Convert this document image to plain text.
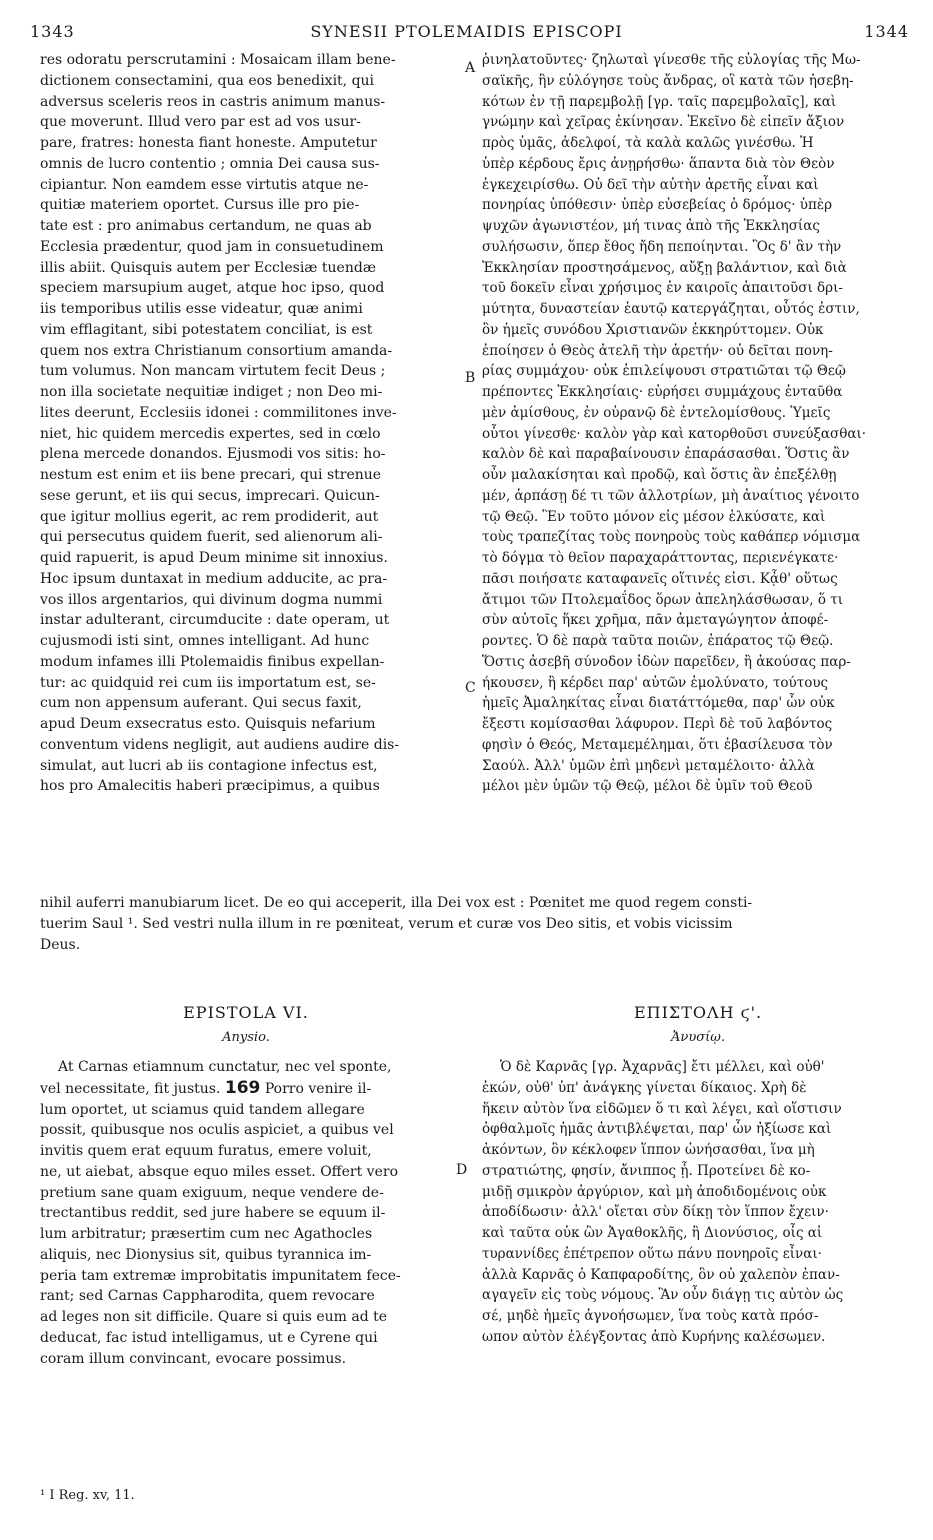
1343	SYNESII PTOLEMAIDIS EPISCOPI	1344
res odoratu perscrutamini : Mosaicam illam bene-
dictionem consectamini, qua eos benedixit, qui
adversus sceleris reos in castris animum manus-
que moverunt. Illud vero par est ad vos usur-
pare, fratres: honesta fiant honeste. Amputetur
omnis de lucro contentio ; omnia Dei causa sus-
cipiantur. Non eamdem esse virtutis atque ne-
quitiæ materiem oportet. Cursus ille pro pie-
tate est : pro animabus certandum, ne quas ab
Ecclesia prædentur, quod jam in consuetudinem
illis abiit. Quisquis autem per Ecclesiæ tuendæ
speciem marsupium auget, atque hoc ipso, quod
iis temporibus utilis esse videatur, quæ animi
vim efflagitant, sibi potestatem conciliat, is est
quem nos extra Christianum consortium amanda-
tum volumus. Non mancam virtutem fecit Deus ;
non illa societate nequitiæ indiget ; non Deo mi-
lites deerunt, Ecclesiis idonei : commilitones inve-
niet, hic quidem mercedis expertes, sed in cœlo
plena mercede donandos. Ejusmodi vos sitis: ho-
nestum est enim et iis bene precari, qui strenue
sese gerunt, et iis qui secus, imprecari. Quicun-
que igitur mollius egerit, ac rem prodiderit, aut
qui persecutus quidem fuerit, sed alienorum ali-
quid rapuerit, is apud Deum minime sit innoxius.
Hoc ipsum duntaxat in medium adducite, ac pra-
vos illos argentarios, qui divinum dogma nummi
instar adulterant, circumducite : date operam, ut
cujusmodi isti sint, omnes intelligant. Ad hunc
modum infames illi Ptolemaidis finibus expellan-
tur: ac quidquid rei cum iis importatum est, se-
cum non appensum auferant. Qui secus faxit,
apud Deum exsecratus esto. Quisquis nefarium
conventum videns negligit, aut audiens audire dis-
simulat, aut lucri ab iis contagione infectus est,
hos pro Amalecitis haberi præcipimus, a quibus
ῥινηλατοῦντες· ζηλωταὶ γίνεσθε τῆς εὐλογίας τῆς Μω-
σαϊκῆς, ἣν εὐλόγησε τοὺς ἄνδρας, οἳ κατὰ τῶν ἠσεβη-
κότων ἐν τῇ παρεμβολῇ [γρ. ταῖς παρεμβολαῖς], καὶ
γνώμην καὶ χεῖρας ἐκίνησαν. Ἐκεῖνο δὲ εἰπεῖν ἄξιον
πρὸς ὑμᾶς, ἀδελφοί, τὰ καλὰ καλῶς γινέσθω. Ἡ
ὑπὲρ κέρδους ἔρις ἀνῃρήσθω· ἅπαντα διὰ τὸν Θεὸν
ἐγκεχειρίσθω. Οὐ δεῖ τὴν αὐτὴν ἀρετῆς εἶναι καὶ
πονηρίας ὑπόθεσιν· ὑπὲρ εὐσεβείας ὁ δρόμος· ὑπὲρ
ψυχῶν ἀγωνιστέον, μή τινας ἀπὸ τῆς Ἐκκλησίας
συλήσωσιν, ὅπερ ἔθος ἤδη πεποίηνται. Ὃς δ' ἂν τὴν
Ἐκκλησίαν προστησάμενος, αὔξῃ βαλάντιον, καὶ διὰ
τοῦ δοκεῖν εἶναι χρήσιμος ἐν καιροῖς ἀπαιτοῦσι δρι-
μύτητα, δυναστείαν ἑαυτῷ κατεργάζηται, οὗτός ἐστιν,
ὃν ἡμεῖς συνόδου Χριστιανῶν ἐκκηρύττομεν. Οὐκ
ἐποίησεν ὁ Θεὸς ἀτελῆ τὴν ἀρετήν· οὐ δεῖται πονη-
ρίας συμμάχου· οὐκ ἐπιλείψουσι στρατιῶται τῷ Θεῷ
πρέποντες Ἐκκλησίαις· εὑρήσει συμμάχους ἐνταῦθα
μὲν ἀμίσθους, ἐν οὐρανῷ δὲ ἐντελομίσθους. Ὑμεῖς
οὗτοι γίνεσθε· καλὸν γὰρ καὶ κατορθοῦσι συνεύξασθαι·
καλὸν δὲ καὶ παραβαίνουσιν ἐπαράσασθαι. Ὅστις ἂν
οὖν μαλακίσηται καὶ προδῷ, καὶ ὅστις ἂν ἐπεξέλθῃ
μέν, ἁρπάσῃ δέ τι τῶν ἀλλοτρίων, μὴ ἀναίτιος γένοιτο
τῷ Θεῷ. Ἓν τοῦτο μόνον εἰς μέσον ἑλκύσατε, καὶ
τοὺς τραπεζίτας τοὺς πονηροὺς τοὺς καθάπερ νόμισμα
τὸ δόγμα τὸ θεῖον παραχαράττοντας, περιενέγκατε·
πᾶσι ποιήσατε καταφανεῖς οἵτινές εἰσι. Κᾆθ' οὕτως
ἄτιμοι τῶν Πτολεμαΐδος ὅρων ἀπεληλάσθωσαν, ὅ τι
σὺν αὐτοῖς ἥκει χρῆμα, πᾶν ἀμεταγώγητον ἀποφέ-
ροντες. Ὁ δὲ παρὰ ταῦτα ποιῶν, ἐπάρατος τῷ Θεῷ.
Ὅστις ἀσεβῆ σύνοδον ἰδὼν παρεῖδεν, ἢ ἀκούσας παρ-
ήκουσεν, ἢ κέρδει παρ' αὐτῶν ἐμολύνατο, τούτους
ἡμεῖς Ἀμαληκίτας εἶναι διατάττόμεθα, παρ' ὧν οὐκ
ἔξεστι κομίσασθαι λάφυρον. Περὶ δὲ τοῦ λαβόντος
φησὶν ὁ Θεός, Μεταμεμέλημαι, ὅτι ἐβασίλευσα τὸν
Σαούλ. Ἀλλ' ὑμῶν ἐπὶ μηδενὶ μεταμέλοιτο· ἀλλὰ
μέλοι μὲν ὑμῶν τῷ Θεῷ, μέλοι δὲ ὑμῖν τοῦ Θεοῦ
A
B
C
nihil auferri manubiarum licet. De eo qui acceperit, illa Dei vox est : Pœnitet me quod regem consti-
tuerim Saul ¹. Sed vestri nulla illum in re pœniteat, verum et curæ vos Deo sitis, et vobis vicissim
Deus.
EPISTOLA VI.
Anysio.
ΕΠΙΣΤΟΛΗ ϛ'.
Ἀνυσίῳ.
At Carnas etiamnum cunctatur, nec vel sponte,
vel necessitate, fit justus. 169 Porro venire il-
lum oportet, ut sciamus quid tandem allegare
possit, quibusque nos oculis aspiciet, a quibus vel
invitis quem erat equum furatus, emere voluit,
ne, ut aiebat, absque equo miles esset. Offert vero
pretium sane quam exiguum, neque vendere de-
trectantibus reddit, sed jure habere se equum il-
lum arbitratur; præsertim cum nec Agathocles
aliquis, nec Dionysius sit, quibus tyrannica im-
peria tam extremæ improbitatis impunitatem fece-
rant; sed Carnas Cappharodita, quem revocare
ad leges non sit difficile. Quare si quis eum ad te
deducat, fac istud intelligamus, ut e Cyrene qui
coram illum convincant, evocare possimus.
Ὁ δὲ Καρνᾶς [γρ. Ἀχαρνᾶς] ἔτι μέλλει, καὶ οὐθ'
ἑκών, οὐθ' ὑπ' ἀνάγκης γίνεται δίκαιος. Χρὴ δὲ
ἥκειν αὐτὸν ἵνα εἰδῶμεν ὅ τι καὶ λέγει, καὶ οἵστισιν
ὀφθαλμοῖς ἡμᾶς ἀντιβλέψεται, παρ' ὧν ἠξίωσε καὶ
ἀκόντων, ὃν κέκλοφεν ἵππον ὠνήσασθαι, ἵνα μὴ
στρατιώτης, φησίν, ἄνιππος ᾖ. Προτείνει δὲ κο-
μιδῇ σμικρὸν ἀργύριον, καὶ μὴ ἀποδιδομένοις οὐκ
ἀποδίδωσιν· ἀλλ' οἴεται σὺν δίκῃ τὸν ἵππον ἔχειν·
καὶ ταῦτα οὐκ ὢν Ἀγαθοκλῆς, ἢ Διονύσιος, οἷς αἱ
τυραννίδες ἐπέτρεπον οὕτω πάνυ πονηροῖς εἶναι·
ἀλλὰ Καρνᾶς ὁ Καπφαροδίτης, ὃν οὐ χαλεπὸν ἐπαν-
αγαγεῖν εἰς τοὺς νόμους. Ἂν οὖν διάγῃ τις αὐτὸν ὡς
σέ, μηδὲ ἡμεῖς ἀγνοήσωμεν, ἵνα τοὺς κατὰ πρόσ-
ωπον αὐτὸν ἐλέγξοντας ἀπὸ Κυρήνης καλέσωμεν.
D
¹ I Reg. xv, 11.
